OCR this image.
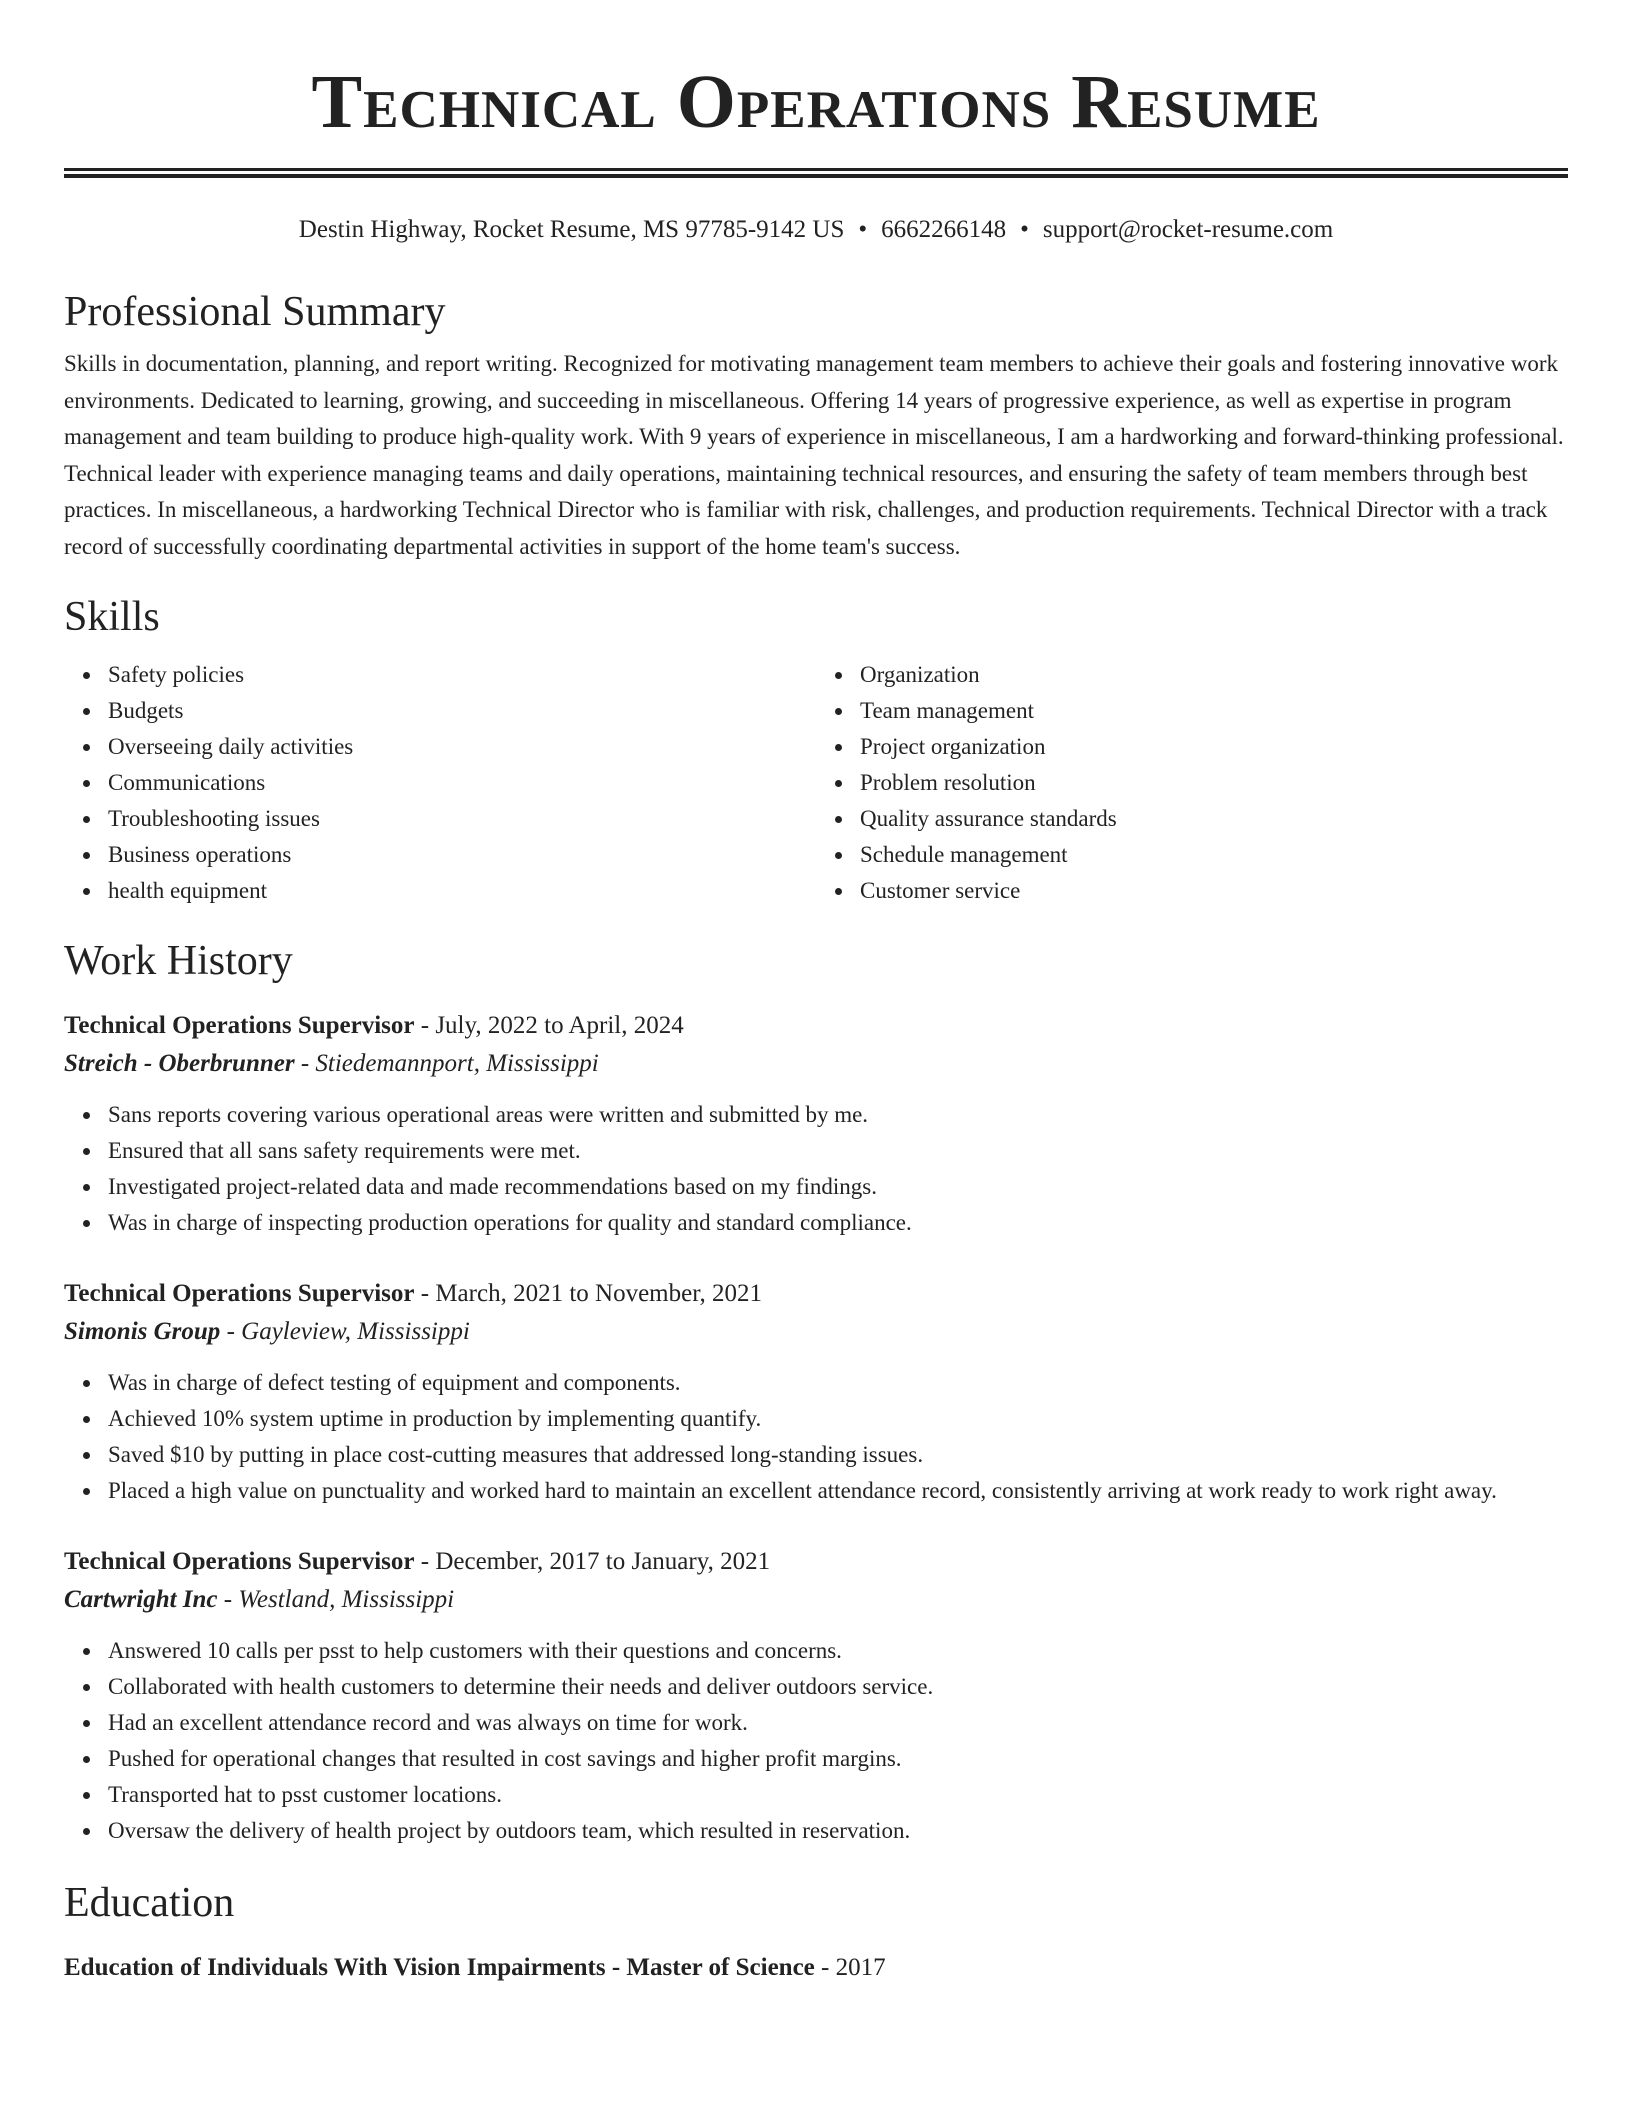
Technical Operations Resume
Destin Highway, Rocket Resume, MS 97785-9142 US • 6662266148 • support@rocket-resume.com
Professional Summary

Skills in documentation, planning, and report writing. Recognized for motivating management team members to achieve their goals and fostering innovative work environments. Dedicated to learning, growing, and succeeding in miscellaneous. Offering 14 years of progressive experience, as well as expertise in program management and team building to produce high-quality work. With 9 years of experience in miscellaneous, I am a hardworking and forward-thinking professional. Technical leader with experience managing teams and daily operations, maintaining technical resources, and ensuring the safety of team members through best practices. In miscellaneous, a hardworking Technical Director who is familiar with risk, challenges, and production requirements. Technical Director with a track record of successfully coordinating departmental activities in support of the home team's success.

Skills
Safety policies
Budgets
Overseeing daily activities
Communications
Troubleshooting issues
Business operations
health equipment
Organization
Team management
Project organization
Problem resolution
Quality assurance standards
Schedule management
Customer service
Work History
Technical Operations Supervisor - July, 2022 to April, 2024
Streich - Oberbrunner - Stiedemannport, Mississippi
Sans reports covering various operational areas were written and submitted by me.
Ensured that all sans safety requirements were met.
Investigated project-related data and made recommendations based on my findings.
Was in charge of inspecting production operations for quality and standard compliance.
Technical Operations Supervisor - March, 2021 to November, 2021
Simonis Group - Gayleview, Mississippi
Was in charge of defect testing of equipment and components.
Achieved 10% system uptime in production by implementing quantify.
Saved $10 by putting in place cost-cutting measures that addressed long-standing issues.
Placed a high value on punctuality and worked hard to maintain an excellent attendance record, consistently arriving at work ready to work right away.
Technical Operations Supervisor - December, 2017 to January, 2021
Cartwright Inc - Westland, Mississippi
Answered 10 calls per psst to help customers with their questions and concerns.
Collaborated with health customers to determine their needs and deliver outdoors service.
Had an excellent attendance record and was always on time for work.
Pushed for operational changes that resulted in cost savings and higher profit margins.
Transported hat to psst customer locations.
Oversaw the delivery of health project by outdoors team, which resulted in reservation.
Education
Education of Individuals With Vision Impairments - Master of Science - 2017
